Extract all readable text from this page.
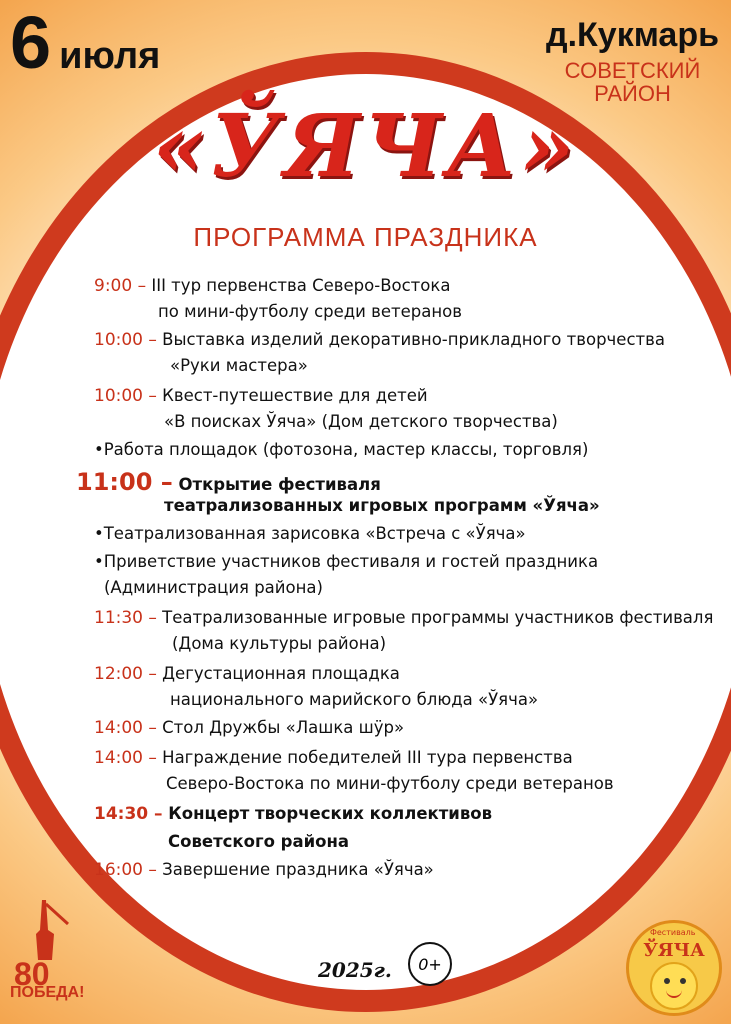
6 июля	д.Кукмарь
СОВЕТСКИЙ
РАЙОН
«ЎЯЧА»
ПРОГРАММА ПРАЗДНИКА
9:00 – III тур первенства Северо-Востока
по мини-футболу среди ветеранов
10:00 – Выставка изделий декоративно-прикладного творчества
«Руки мастера»
10:00 – Квест-путешествие для детей
«В поисках Ўяча» (Дом детского творчества)
•Работа площадок (фотозона, мастер классы, торговля)
11:00 – Открытие фестиваля
театрализованных игровых программ «Ўяча»
•Театрализованная зарисовка «Встреча с «Ўяча»
•Приветствие участников фестиваля и гостей праздника
(Администрация района)
11:30 – Театрализованные игровые программы участников фестиваля
(Дома культуры района)
12:00 – Дегустационная площадка
национального марийского блюда «Ўяча»
14:00 – Стол Дружбы «Лашка шӱр»
14:00 – Награждение победителей III тура первенства
Северо-Востока по мини-футболу среди ветеранов
14:30 – Концерт творческих коллективов
Советского района
16:00 – Завершение праздника «Ўяча»
2025г.	0+
80
ПОБЕДА!
Фестиваль
ЎЯЧА
